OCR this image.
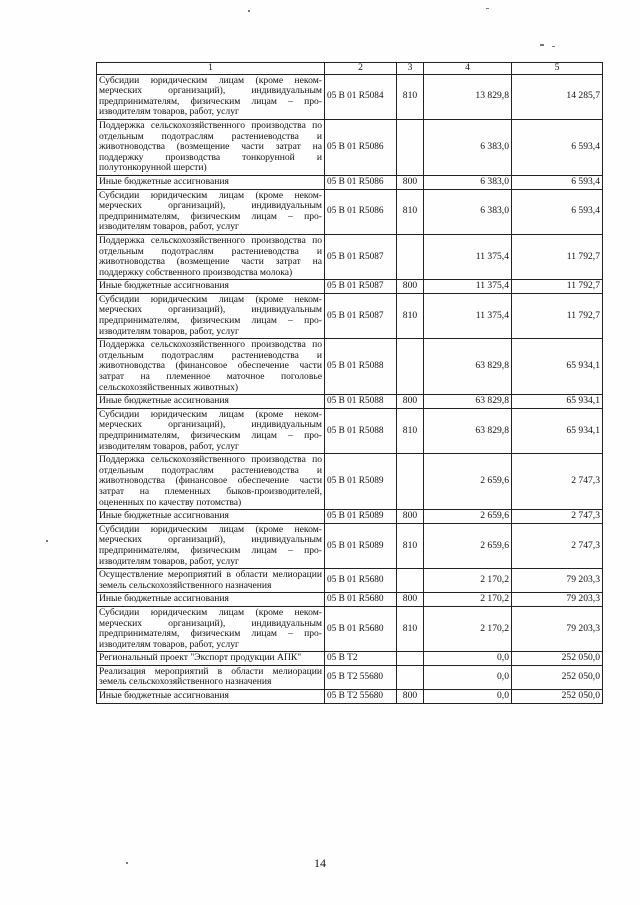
1	2	3	4	5
Субсидии юридическим лицам (кроме некоммерческих организаций), индивидуальным предпринимателям, физическим лицам – производителям товаров, работ, услуг	05 В 01 R5084	810	13 829,8	14 285,7
Поддержка сельскохозяйственного производства по отдельным подотраслям растениеводства и животноводства (возмещение части затрат на поддержку производства тонкорунной и полутонкорунной шерсти)	05 В 01 R5086		6 383,0	6 593,4
Иные бюджетные ассигнования	05 В 01 R5086	800	6 383,0	6 593,4
Субсидии юридическим лицам (кроме некоммерческих организаций), индивидуальным предпринимателям, физическим лицам – производителям товаров, работ, услуг	05 В 01 R5086	810	6 383,0	6 593,4
Поддержка сельскохозяйственного производства по отдельным подотраслям растениеводства и животноводства (возмещение части затрат на поддержку собственного производства молока)	05 В 01 R5087		11 375,4	11 792,7
Иные бюджетные ассигнования	05 В 01 R5087	800	11 375,4	11 792,7
Субсидии юридическим лицам (кроме некоммерческих организаций), индивидуальным предпринимателям, физическим лицам – производителям товаров, работ, услуг	05 В 01 R5087	810	11 375,4	11 792,7
Поддержка сельскохозяйственного производства по отдельным подотраслям растениеводства и животноводства (финансовое обеспечение части затрат на племенное маточное поголовье сельскохозяйственных животных)	05 В 01 R5088		63 829,8	65 934,1
Иные бюджетные ассигнования	05 В 01 R5088	800	63 829,8	65 934,1
Субсидии юридическим лицам (кроме некоммерческих организаций), индивидуальным предпринимателям, физическим лицам – производителям товаров, работ, услуг	05 В 01 R5088	810	63 829,8	65 934,1
Поддержка сельскохозяйственного производства по отдельным подотраслям растениеводства и животноводства (финансовое обеспечение части затрат на племенных быков-производителей, оцененных по качеству потомства)	05 В 01 R5089		2 659,6	2 747,3
Иные бюджетные ассигнования	05 В 01 R5089	800	2 659,6	2 747,3
Субсидии юридическим лицам (кроме некоммерческих организаций), индивидуальным предпринимателям, физическим лицам – производителям товаров, работ, услуг	05 В 01 R5089	810	2 659,6	2 747,3
Осуществление мероприятий в области мелиорации земель сельскохозяйственного назначения	05 В 01 R5680		2 170,2	79 203,3
Иные бюджетные ассигнования	05 В 01 R5680	800	2 170,2	79 203,3
Субсидии юридическим лицам (кроме некоммерческих организаций), индивидуальным предпринимателям, физическим лицам – производителям товаров, работ, услуг	05 В 01 R5680	810	2 170,2	79 203,3
Региональный проект "Экспорт продукции АПК"	05 В Т2		0,0	252 050,0
Реализация мероприятий в области мелиорации земель сельскохозяйственного назначения	05 В Т2 55680		0,0	252 050,0
Иные бюджетные ассигнования	05 В Т2 55680	800	0,0	252 050,0
14
